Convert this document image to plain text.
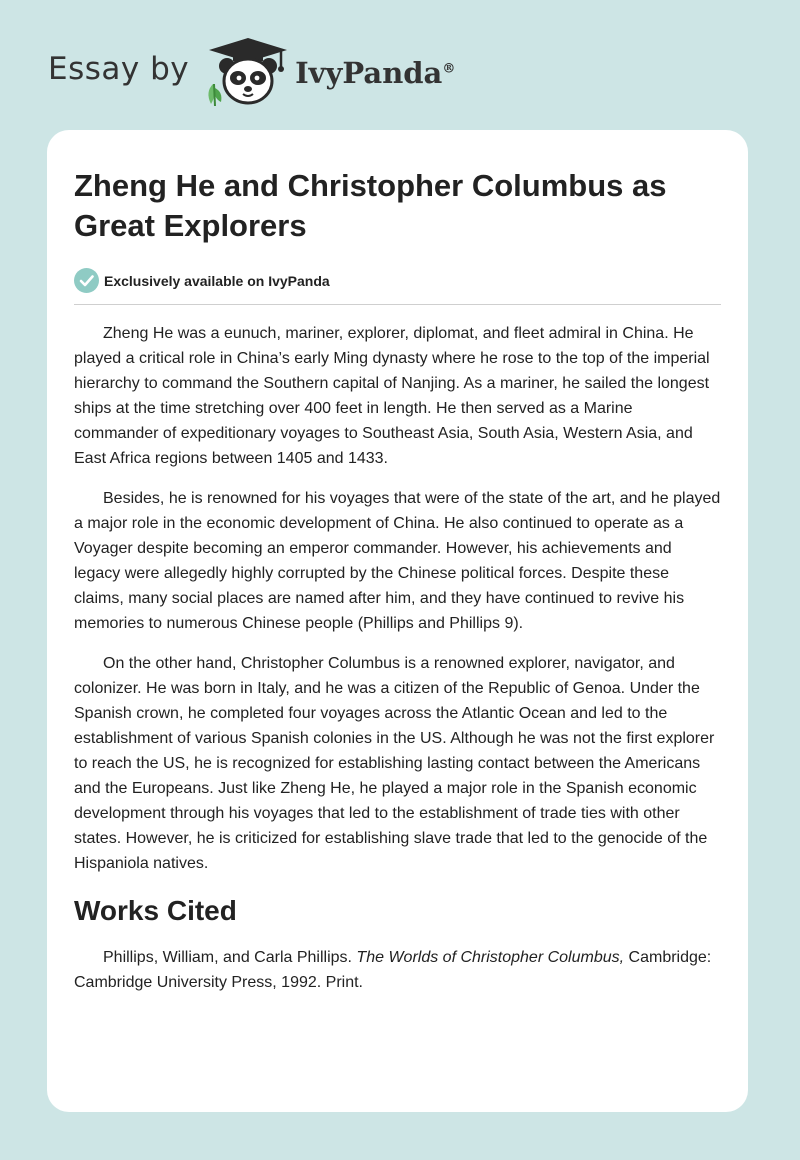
Essay by	IvyPanda®
Zheng He and Christopher Columbus as Great Explorers
Exclusively available on IvyPanda

Zheng He was a eunuch, mariner, explorer, diplomat, and fleet admiral in China. He played a critical role in China’s early Ming dynasty where he rose to the top of the imperial hierarchy to command the Southern capital of Nanjing. As a mariner, he sailed the longest ships at the time stretching over 400 feet in length. He then served as a Marine commander of expeditionary voyages to Southeast Asia, South Asia, Western Asia, and East Africa regions between 1405 and 1433.

Besides, he is renowned for his voyages that were of the state of the art, and he played a major role in the economic development of China. He also continued to operate as a Voyager despite becoming an emperor commander. However, his achievements and legacy were allegedly highly corrupted by the Chinese political forces. Despite these claims, many social places are named after him, and they have continued to revive his memories to numerous Chinese people (Phillips and Phillips 9).

On the other hand, Christopher Columbus is a renowned explorer, navigator, and colonizer. He was born in Italy, and he was a citizen of the Republic of Genoa. Under the Spanish crown, he completed four voyages across the Atlantic Ocean and led to the establishment of various Spanish colonies in the US. Although he was not the first explorer to reach the US, he is recognized for establishing lasting contact between the Americans and the Europeans. Just like Zheng He, he played a major role in the Spanish economic development through his voyages that led to the establishment of trade ties with other states. However, he is criticized for establishing slave trade that led to the genocide of the Hispaniola natives.

Works Cited

Phillips, William, and Carla Phillips. The Worlds of Christopher Columbus, Cambridge: Cambridge University Press, 1992. Print.
